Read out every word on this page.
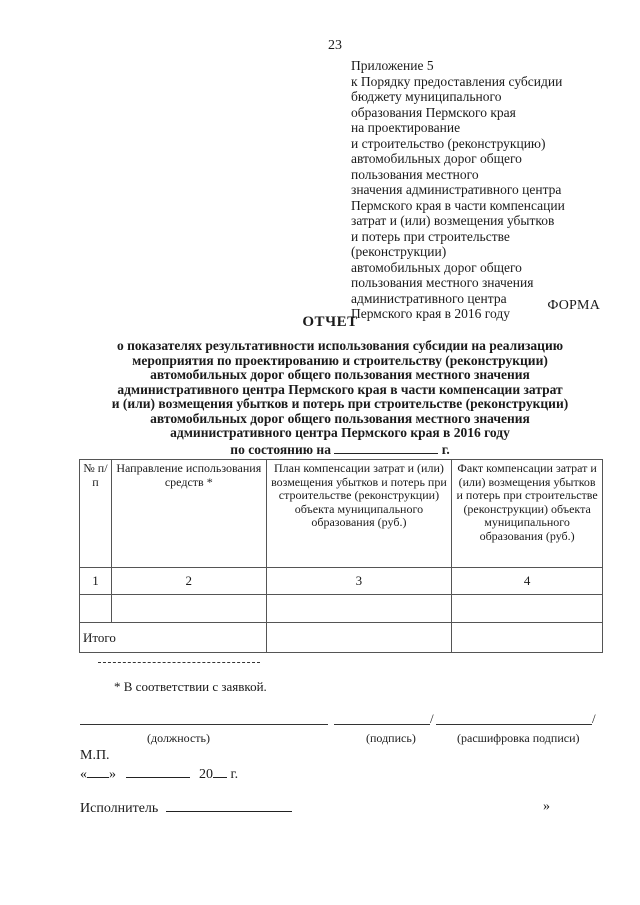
23
Приложение 5
к Порядку предоставления субсидии
бюджету муниципального
образования Пермского края
на проектирование
и строительство (реконструкцию)
автомобильных дорог общего
пользования местного
значения административного центра
Пермского края в части компенсации
затрат и (или) возмещения убытков
и потерь при строительстве
(реконструкции)
автомобильных дорог общего
пользования местного значения
административного центра
Пермского края в 2016 году
ФОРМА
ОТЧЕТ
о показателях результативности использования субсидии на реализацию
мероприятия по проектированию и строительству (реконструкции)
автомобильных дорог общего пользования местного значения
административного центра Пермского края в части компенсации затрат
и (или) возмещения убытков и потерь при строительстве (реконструкции)
автомобильных дорог общего пользования местного значения
административного центра Пермского края в 2016 году
по состоянию на	г.
№ п/п	Направление использования средств *	План компенсации затрат и (или) возмещения убытков и потерь при строительстве (реконструкции) объекта муниципального образования (руб.)	Факт компенсации затрат и (или) возмещения убытков и потерь при строительстве (реконструкции) объекта муниципального образования (руб.)
1	2	3	4

Итого			
* В соответствии с заявкой.
/	/
(должность)	(подпись)	(расшифровка подписи)
М.П.
« »	20 г.
Исполнитель	»
